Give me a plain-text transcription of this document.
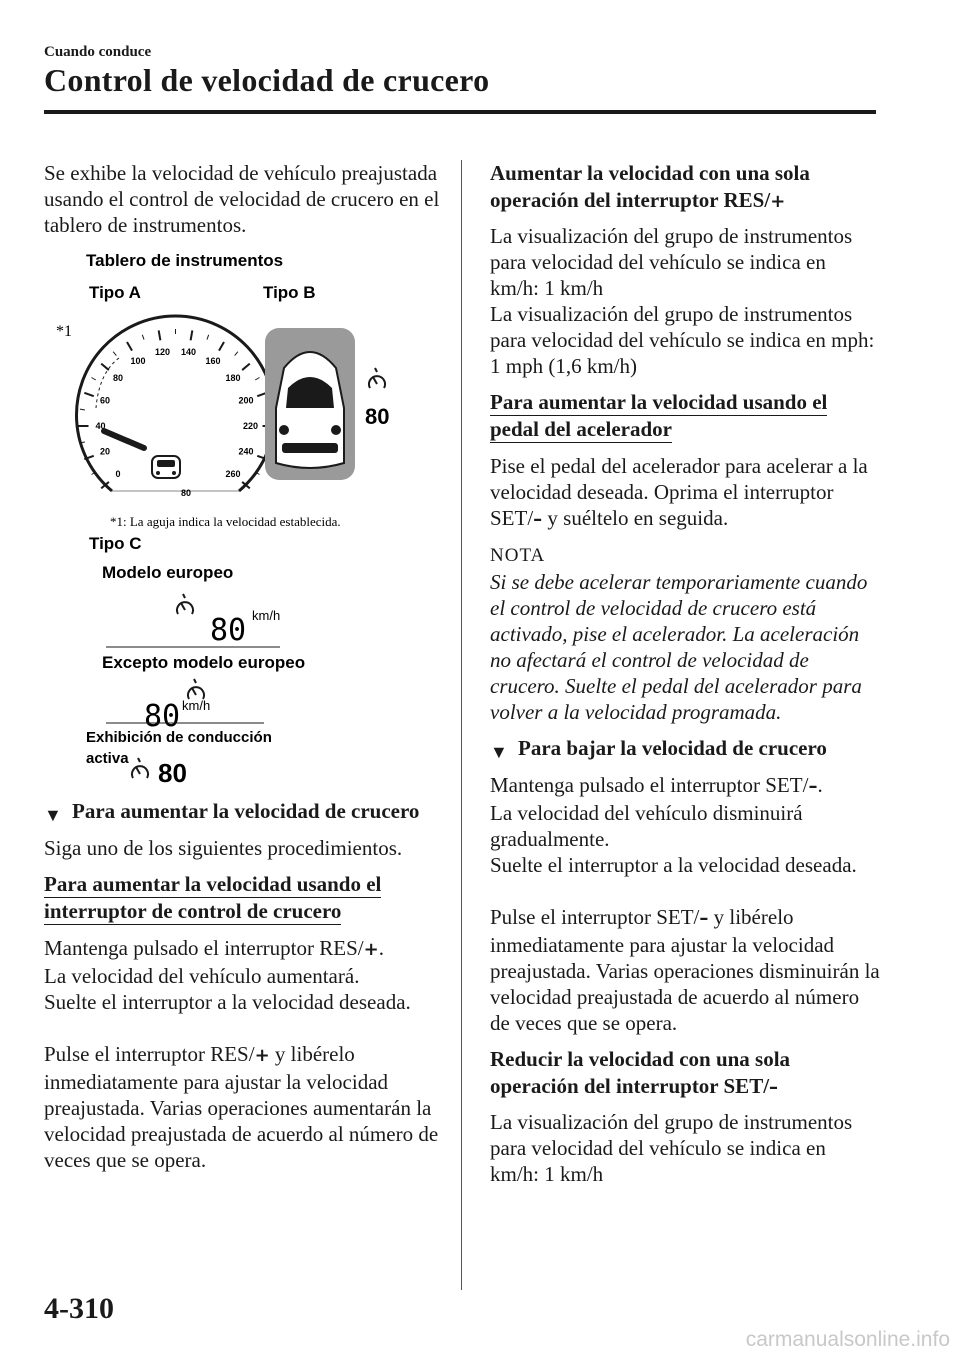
Cuando conduce
Control de velocidad de crucero

Se exhibe la velocidad de vehículo preajustada usando el control de velocidad de crucero en el tablero de instrumentos.

Tablero de instrumentos
Tipo A	Tipo B
*1
0
20
40
60
80
100
120 140
160
180
200
220
240
260
80
80
*1: La aguja indica la velocidad establecida.
Tipo C
Modelo europeo
80 km/h
Excepto modelo europeo
80 km/h
Exhibición de conducción
activa 80
▼ Para aumentar la velocidad de crucero

Siga uno de los siguientes procedimientos.

Para aumentar la velocidad usando el interruptor de control de crucero

Mantenga pulsado el interruptor RES/+.

La velocidad del vehículo aumentará.

Suelte el interruptor a la velocidad deseada.

Pulse el interruptor RES/+ y libérelo inmediatamente para ajustar la velocidad preajustada. Varias operaciones aumentarán la velocidad preajustada de acuerdo al número de veces que se opera.

Aumentar la velocidad con una sola operación del interruptor RES/+

La visualización del grupo de instrumentos para velocidad del vehículo se indica en km/h: 1 km/h

La visualización del grupo de instrumentos para velocidad del vehículo se indica en mph: 1 mph (1,6 km/h)

Para aumentar la velocidad usando el pedal del acelerador

Pise el pedal del acelerador para acelerar a la velocidad deseada. Oprima el interruptor SET/– y suéltelo en seguida.

NOTA

Si se debe acelerar temporariamente cuando el control de velocidad de crucero está activado, pise el acelerador. La aceleración no afectará el control de velocidad de crucero. Suelte el pedal del acelerador para volver a la velocidad programada.

▼ Para bajar la velocidad de crucero

Mantenga pulsado el interruptor SET/–.

La velocidad del vehículo disminuirá gradualmente.

Suelte el interruptor a la velocidad deseada.

Pulse el interruptor SET/– y libérelo inmediatamente para ajustar la velocidad preajustada. Varias operaciones disminuirán la velocidad preajustada de acuerdo al número de veces que se opera.

Reducir la velocidad con una sola operación del interruptor SET/–

La visualización del grupo de instrumentos para velocidad del vehículo se indica en km/h: 1 km/h

4-310
carmanualsonline.info
